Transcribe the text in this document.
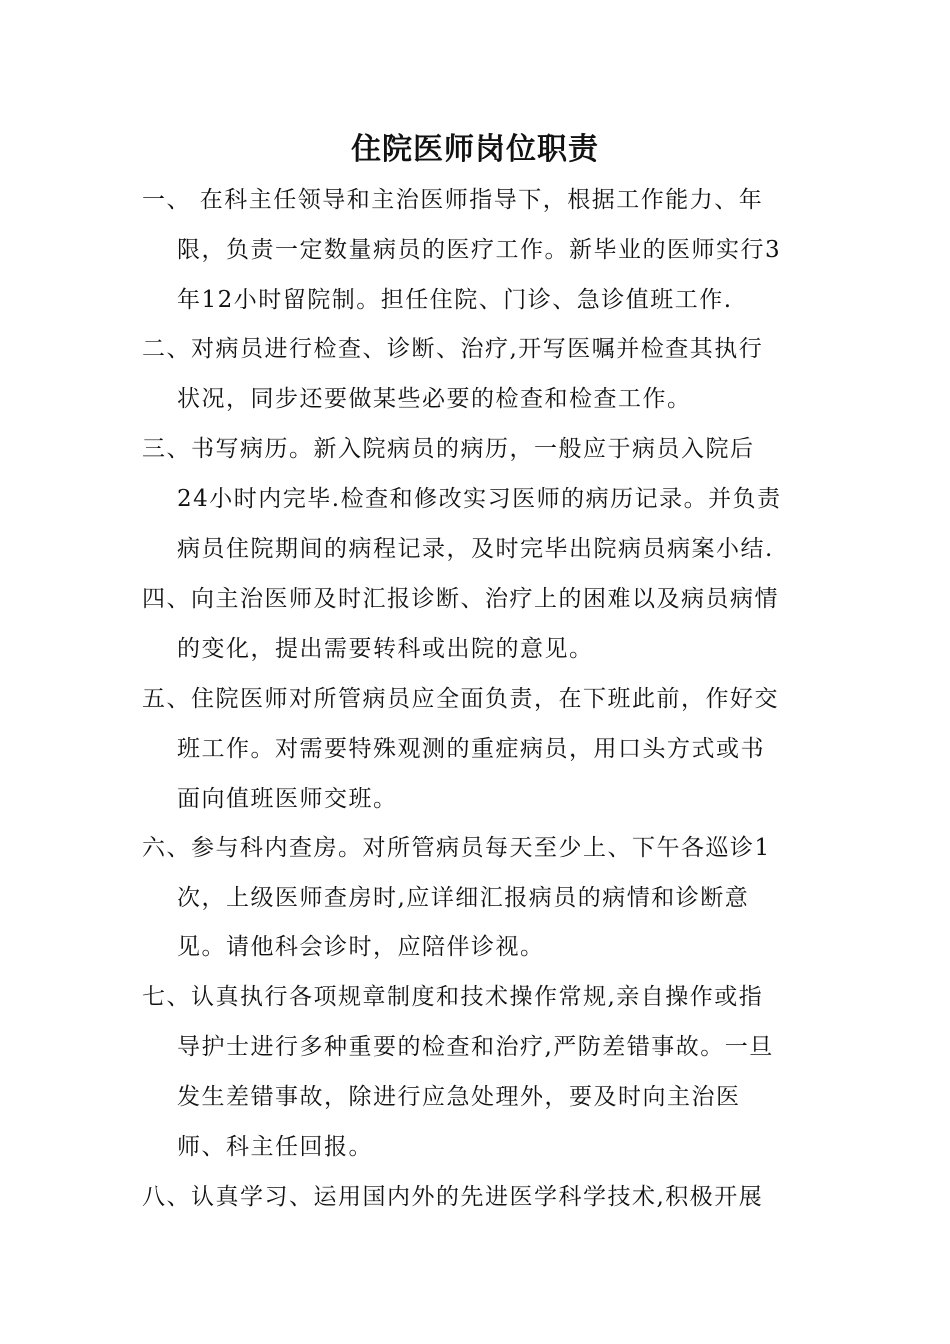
住院医师岗位职责
一、 在科主任领导和主治医师指导下，根据工作能力、年
限，负责一定数量病员的医疗工作。新毕业的医师实行3
年12小时留院制。担任住院、门诊、急诊值班工作.
二、对病员进行检查、诊断、治疗,开写医嘱并检查其执行
状况，同步还要做某些必要的检查和检查工作。
三、书写病历。新入院病员的病历，一般应于病员入院后
24小时内完毕.检查和修改实习医师的病历记录。并负责
病员住院期间的病程记录，及时完毕出院病员病案小结.
四、向主治医师及时汇报诊断、治疗上的困难以及病员病情
的变化，提出需要转科或出院的意见。
五、住院医师对所管病员应全面负责，在下班此前，作好交
班工作。对需要特殊观测的重症病员，用口头方式或书
面向值班医师交班。
六、参与科内查房。对所管病员每天至少上、下午各巡诊1
次，上级医师查房时,应详细汇报病员的病情和诊断意
见。请他科会诊时，应陪伴诊视。
七、认真执行各项规章制度和技术操作常规,亲自操作或指
导护士进行多种重要的检查和治疗,严防差错事故。一旦
发生差错事故，除进行应急处理外，要及时向主治医
师、科主任回报。
八、认真学习、运用国内外的先进医学科学技术,积极开展
